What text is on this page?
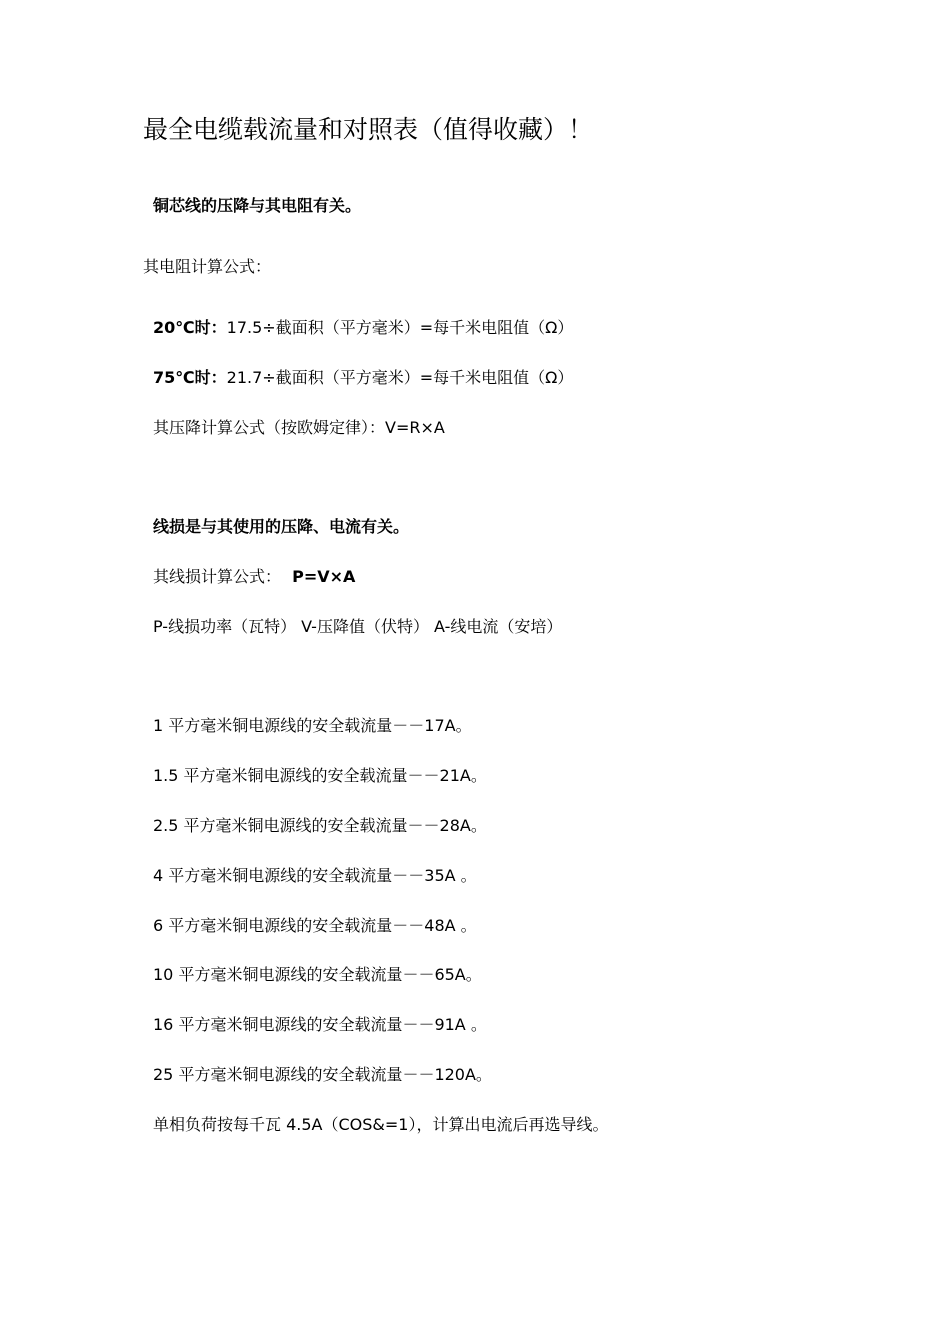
最全电缆载流量和对照表（值得收藏）！
铜芯线的压降与其电阻有关。
其电阻计算公式：
20℃时：17.5÷截面积（平方毫米）=每千米电阻值（Ω）
75℃时：21.7÷截面积（平方毫米）=每千米电阻值（Ω）
其压降计算公式（按欧姆定律）：V=R×A
线损是与其使用的压降、电流有关。
其线损计算公式： P=V×A
P-线损功率（瓦特） V-压降值（伏特） A-线电流（安培）
1 平方毫米铜电源线的安全载流量－－17A。
1.5 平方毫米铜电源线的安全载流量－－21A。
2.5 平方毫米铜电源线的安全载流量－－28A。
4 平方毫米铜电源线的安全载流量－－35A 。
6 平方毫米铜电源线的安全载流量－－48A 。
10 平方毫米铜电源线的安全载流量－－65A。
16 平方毫米铜电源线的安全载流量－－91A 。
25 平方毫米铜电源线的安全载流量－－120A。
单相负荷按每千瓦 4.5A（COS&=1），计算出电流后再选导线。
